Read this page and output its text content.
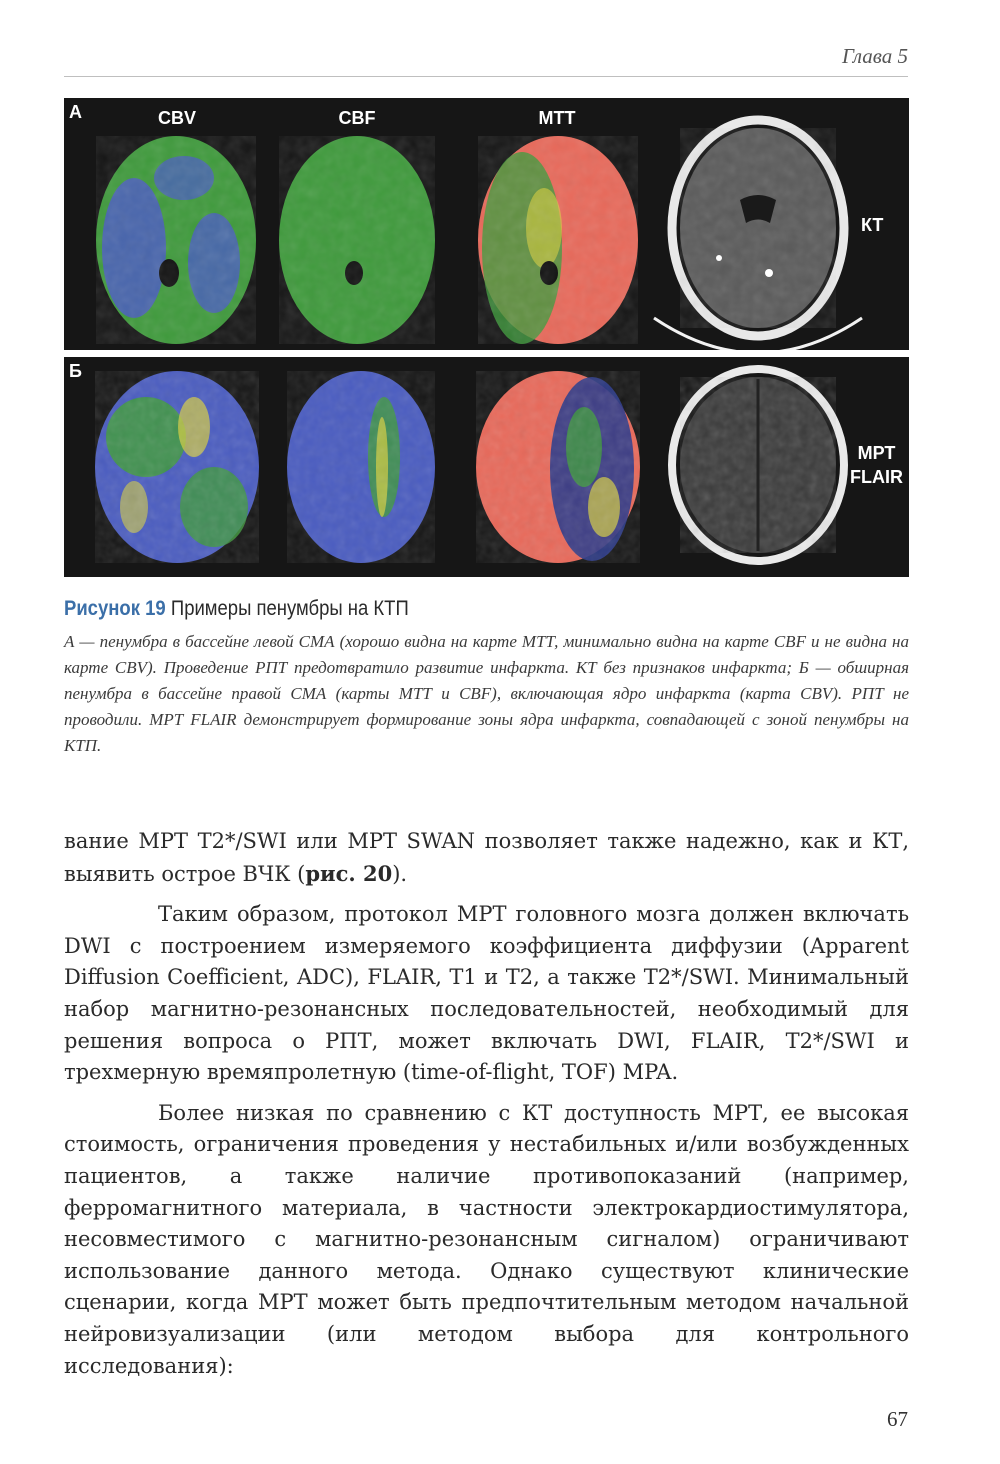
Глава 5
А	CBV	CBF	MTT
КТ
Б
МРТ
FLAIR
Рисунок 19 Примеры пенумбры на КТП
А — пенумбра в бассейне левой СМА (хорошо видна на карте МТТ, минимально видна на карте CBF и не видна на карте CBV). Проведение РПТ предотвратило развитие инфаркта. КТ без признаков инфаркта; Б — обширная пенумбра в бассейне правой СМА (карты МТТ и CBF), включающая ядро инфаркта (карта CBV). РПТ не проводили. МРТ FLAIR демонстрирует формирование зоны ядра инфаркта, совпадающей с зоной пенумбры на КТП.

вание МРТ T2*/SWI или МРТ SWAN позволяет также надежно, как и КТ, выявить острое ВЧК (рис. 20).

Таким образом, протокол МРТ головного мозга должен включать DWI с построением измеряемого коэффициента диффузии (Apparent Diffusion Coefficient, ADC), FLAIR, T1 и T2, а также T2*/SWI. Минимальный набор магнитно-резонансных последовательностей, необходимый для решения вопроса о РПТ, может включать DWI, FLAIR, T2*/SWI и трехмерную времяпролетную (time-of-flight, TOF) MPA.

Более низкая по сравнению с КТ доступность МРТ, ее высокая стоимость, ограничения проведения у нестабильных и/или возбужденных пациентов, а также наличие противопоказаний (например, ферромагнитного материала, в частности электрокардиостимулятора, несовместимого с магнитно-резонансным сигналом) ограничивают использование данного метода. Однако существуют клинические сценарии, когда МРТ может быть предпочтительным методом начальной нейровизуализации (или методом выбора для контрольного исследования):

67
